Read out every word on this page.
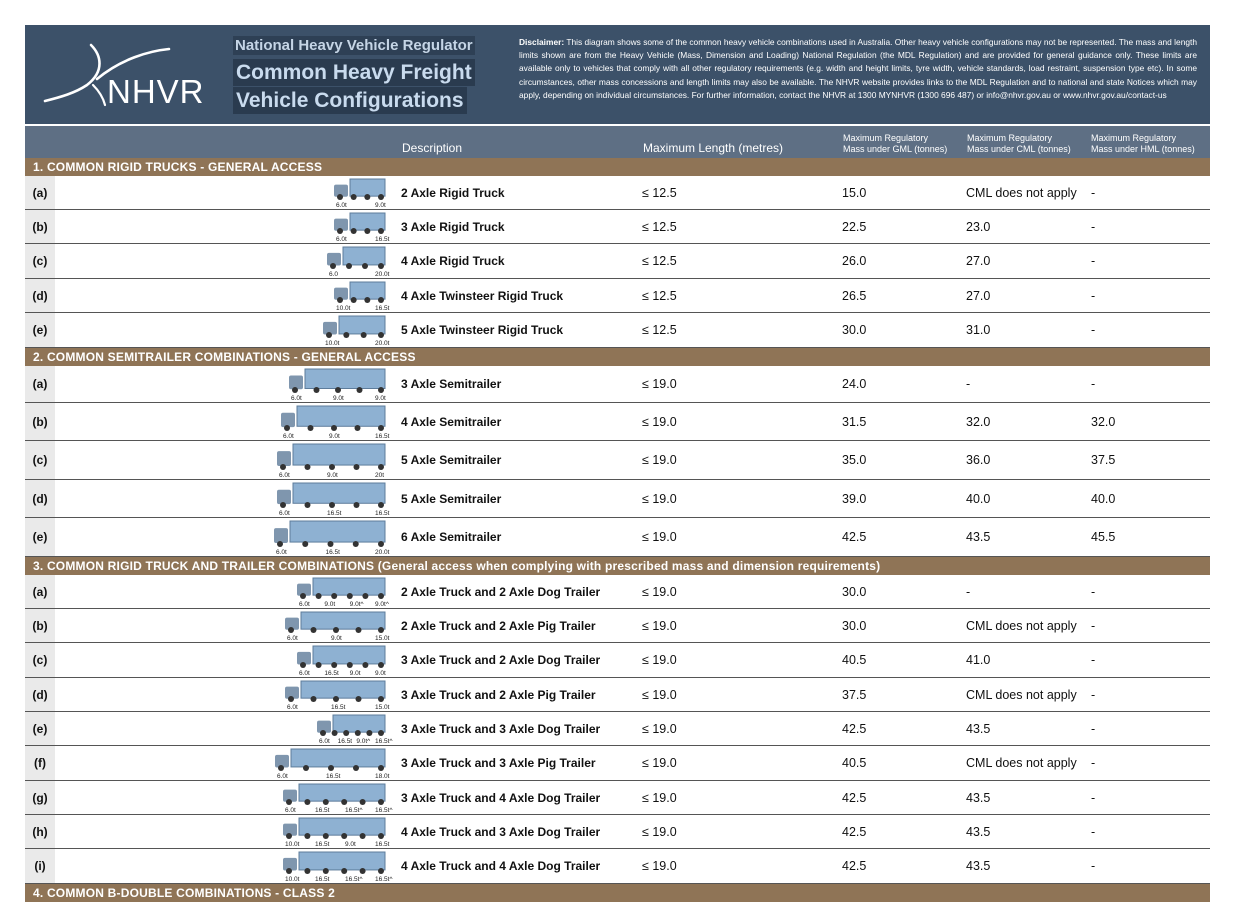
NHVR
National Heavy Vehicle Regulator
Common Heavy Freight
Vehicle Configurations
Disclaimer: This diagram shows some of the common heavy vehicle combinations used in Australia. Other heavy vehicle configurations may not be represented. The mass and length limits shown are from the Heavy Vehicle (Mass, Dimension and Loading) National Regulation (the MDL Regulation) and are provided for general guidance only. These limits are available only to vehicles that comply with all other regulatory requirements (e.g. width and height limits, tyre width, vehicle standards, load restraint, suspension type etc). In some circumstances, other mass concessions and length limits may also be available. The NHVR website provides links to the MDL Regulation and to national and state Notices which may apply, depending on individual circumstances. For further information, contact the NHVR at 1300 MYNHVR (1300 696 487) or info@nhvr.gov.au or www.nhvr.gov.au/contact-us
Description	Maximum Length (metres)
Maximum Regulatory
Mass under GML (tonnes)
Maximum Regulatory
Mass under CML (tonnes)
Maximum Regulatory
Mass under HML (tonnes)
1. COMMON RIGID TRUCKS - GENERAL ACCESS
(a)
6.0t	9.0t
2 Axle Rigid Truck	≤ 12.5	15.0	CML does not apply -
(b)
6.0t	16.5t
3 Axle Rigid Truck	≤ 12.5	22.5	23.0	-
(c)
6.0	20.0t
4 Axle Rigid Truck	≤ 12.5	26.0	27.0	-
(d)
10.0t	16.5t
4 Axle Twinsteer Rigid Truck	≤ 12.5	26.5	27.0	-
(e)
10.0t	20.0t
5 Axle Twinsteer Rigid Truck	≤ 12.5	30.0	31.0	-
2. COMMON SEMITRAILER COMBINATIONS - GENERAL ACCESS
(a)
6.0t	9.0t	9.0t
3 Axle Semitrailer	≤ 19.0	24.0	-	-
(b)
6.0t	9.0t	16.5t
4 Axle Semitrailer	≤ 19.0	31.5	32.0	32.0
(c)
6.0t	9.0t	20t
5 Axle Semitrailer	≤ 19.0	35.0	36.0	37.5
(d)
6.0t	16.5t	16.5t
5 Axle Semitrailer	≤ 19.0	39.0	40.0	40.0
(e)
6.0t	16.5t	20.0t
6 Axle Semitrailer	≤ 19.0	42.5	43.5	45.5
3. COMMON RIGID TRUCK AND TRAILER COMBINATIONS (General access when complying with prescribed mass and dimension requirements)
(a)
6.0t 9.0t 9.0t^ 9.0t^
2 Axle Truck and 2 Axle Dog Trailer	≤ 19.0	30.0	-	-
(b)
6.0t	9.0t	15.0t
2 Axle Truck and 2 Axle Pig Trailer	≤ 19.0	30.0	CML does not apply -
(c)
6.0t 16.5t 9.0t 9.0t
3 Axle Truck and 2 Axle Dog Trailer	≤ 19.0	40.5	41.0	-
(d)
6.0t	16.5t	15.0t
3 Axle Truck and 2 Axle Pig Trailer	≤ 19.0	37.5	CML does not apply -
(e)
6.0t 16.5t 9.0t^ 16.5t^
3 Axle Truck and 3 Axle Dog Trailer	≤ 19.0	42.5	43.5	-
(f)
6.0t	16.5t	18.0t
3 Axle Truck and 3 Axle Pig Trailer	≤ 19.0	40.5	CML does not apply -
(g)
6.0t	16.5t 16.5t^ 16.5t^
3 Axle Truck and 4 Axle Dog Trailer	≤ 19.0	42.5	43.5	-
(h)
10.0t 16.5t 9.0t	16.5t
4 Axle Truck and 3 Axle Dog Trailer	≤ 19.0	42.5	43.5	-
(i)
10.0t 16.5t 16.5t^ 16.5t^
4 Axle Truck and 4 Axle Dog Trailer	≤ 19.0	42.5	43.5	-
4. COMMON B-DOUBLE COMBINATIONS - CLASS 2
